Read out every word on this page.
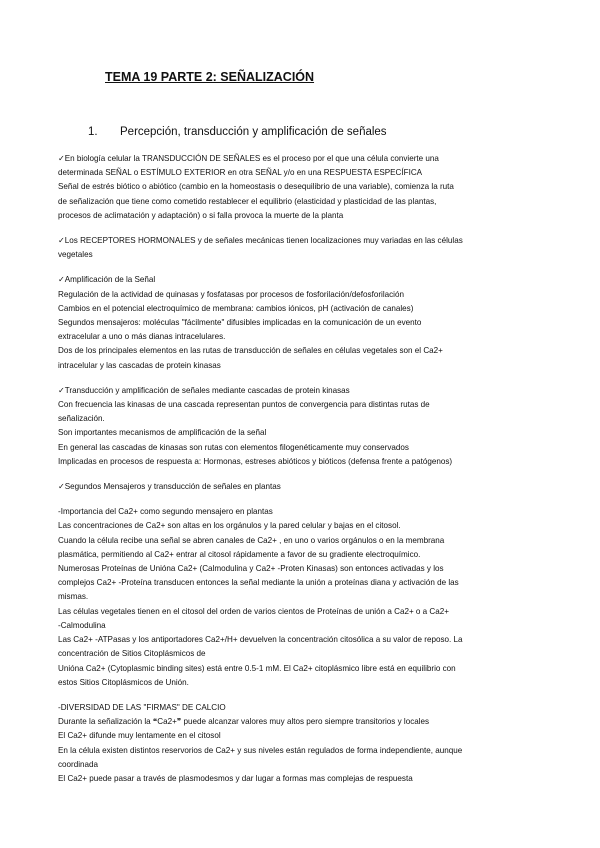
TEMA 19 PARTE 2: SEÑALIZACIÓN
1. Percepción, transducción y amplificación de señales
✓En biología celular la TRANSDUCCIÓN DE SEÑALES es el proceso por el que una célula convierte una
determinada SEÑAL o ESTÍMULO EXTERIOR en otra SEÑAL y/o en una RESPUESTA ESPECÍFICA
Señal de estrés biótico o abiótico (cambio en la homeostasis o desequilibrio de una variable), comienza la ruta
de señalización que tiene como cometido restablecer el equilibrio (elasticidad y plasticidad de las plantas,
procesos de aclimatación y adaptación) o si falla provoca la muerte de la planta
✓Los RECEPTORES HORMONALES y de señales mecánicas tienen localizaciones muy variadas en las células
vegetales
✓Amplificación de la Señal
Regulación de la actividad de quinasas y fosfatasas por procesos de fosforilación/defosforilación
Cambios en el potencial electroquímico de membrana: cambios iónicos, pH (activación de canales)
Segundos mensajeros: moléculas "fácilmente" difusibles implicadas en la comunicación de un evento
extracelular a uno o más dianas intracelulares.
Dos de los principales elementos en las rutas de transducción de señales en células vegetales son el Ca2+
intracelular y las cascadas de protein kinasas
✓Transducción y amplificación de señales mediante cascadas de protein kinasas
Con frecuencia las kinasas de una cascada representan puntos de convergencia para distintas rutas de
señalización.
Son importantes mecanismos de amplificación de la señal
En general las cascadas de kinasas son rutas con elementos filogenéticamente muy conservados
Implicadas en procesos de respuesta a: Hormonas, estreses abióticos y bióticos (defensa frente a patógenos)
✓Segundos Mensajeros y transducción de señales en plantas
-Importancia del Ca2+ como segundo mensajero en plantas
Las concentraciones de Ca2+ son altas en los orgánulos y la pared celular y bajas en el citosol.
Cuando la célula recibe una señal se abren canales de Ca2+ , en uno o varios orgánulos o en la membrana
plasmática, permitiendo al Ca2+ entrar al citosol rápidamente a favor de su gradiente electroquímico.
Numerosas Proteínas de Unióna Ca2+ (Calmodulina y Ca2+ -Proten Kinasas) son entonces activadas y los
complejos Ca2+ -Proteína transducen entonces la señal mediante la unión a proteínas diana y activación de las
mismas.
Las células vegetales tienen en el citosol del orden de varios cientos de Proteínas de unión a Ca2+ o a Ca2+
-Calmodulina
Las Ca2+ -ATPasas y los antiportadores Ca2+/H+ devuelven la concentración citosólica a su valor de reposo. La
concentración de Sitios Citoplásmicos de
Unióna Ca2+ (Cytoplasmic binding sites) está entre 0.5-1 mM. El Ca2+ citoplásmico libre está en equilibrio con
estos Sitios Citoplásmicos de Unión.
-DIVERSIDAD DE LAS "FIRMAS" DE CALCIO
Durante la señalización la ❝Ca2+❞ puede alcanzar valores muy altos pero siempre transitorios y locales
El Ca2+ difunde muy lentamente en el citosol
En la célula existen distintos reservorios de Ca2+ y sus niveles están regulados de forma independiente, aunque
coordinada
El Ca2+ puede pasar a través de plasmodesmos y dar lugar a formas mas complejas de respuesta
